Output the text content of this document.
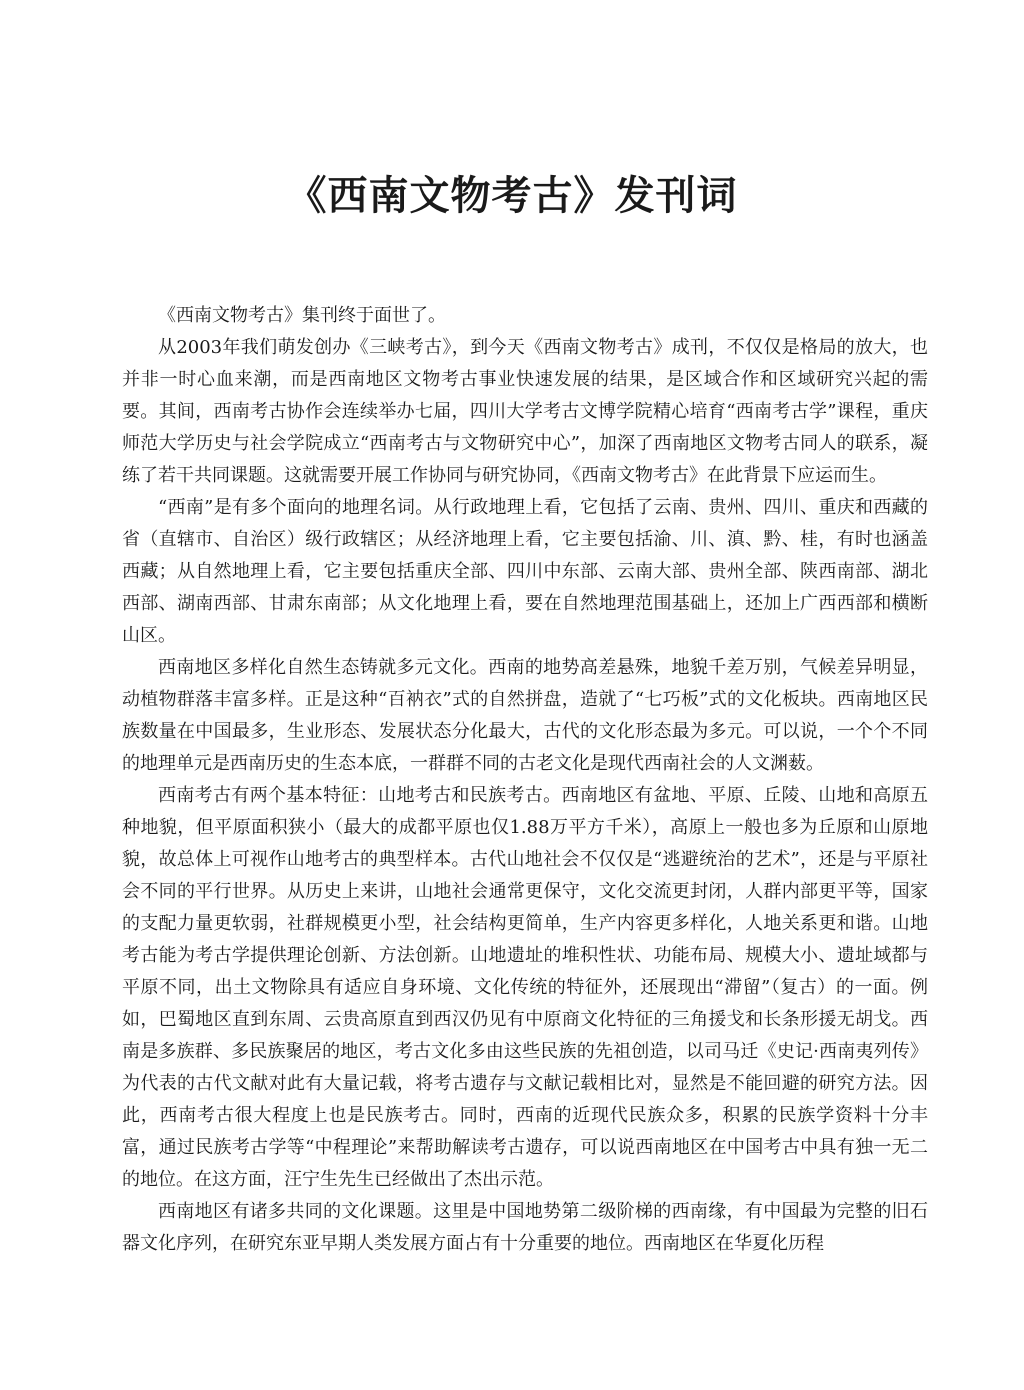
《西南文物考古》发刊词

《西南文物考古》集刊终于面世了。

从2003年我们萌发创办《三峡考古》，到今天《西南文物考古》成刊，不仅仅是格局的放大，也并非一时心血来潮，而是西南地区文物考古事业快速发展的结果，是区域合作和区域研究兴起的需要。其间，西南考古协作会连续举办七届，四川大学考古文博学院精心培育“西南考古学”课程，重庆师范大学历史与社会学院成立“西南考古与文物研究中心”，加深了西南地区文物考古同人的联系，凝练了若干共同课题。这就需要开展工作协同与研究协同，《西南文物考古》在此背景下应运而生。

“西南”是有多个面向的地理名词。从行政地理上看，它包括了云南、贵州、四川、重庆和西藏的省（直辖市、自治区）级行政辖区；从经济地理上看，它主要包括渝、川、滇、黔、桂，有时也涵盖西藏；从自然地理上看，它主要包括重庆全部、四川中东部、云南大部、贵州全部、陕西南部、湖北西部、湖南西部、甘肃东南部；从文化地理上看，要在自然地理范围基础上，还加上广西西部和横断山区。

西南地区多样化自然生态铸就多元文化。西南的地势高差悬殊，地貌千差万别，气候差异明显，动植物群落丰富多样。正是这种“百衲衣”式的自然拼盘，造就了“七巧板”式的文化板块。西南地区民族数量在中国最多，生业形态、发展状态分化最大，古代的文化形态最为多元。可以说，一个个不同的地理单元是西南历史的生态本底，一群群不同的古老文化是现代西南社会的人文渊薮。

西南考古有两个基本特征：山地考古和民族考古。西南地区有盆地、平原、丘陵、山地和高原五种地貌，但平原面积狭小（最大的成都平原也仅1.88万平方千米），高原上一般也多为丘原和山原地貌，故总体上可视作山地考古的典型样本。古代山地社会不仅仅是“逃避统治的艺术”，还是与平原社会不同的平行世界。从历史上来讲，山地社会通常更保守，文化交流更封闭，人群内部更平等，国家的支配力量更软弱，社群规模更小型，社会结构更简单，生产内容更多样化，人地关系更和谐。山地考古能为考古学提供理论创新、方法创新。山地遗址的堆积性状、功能布局、规模大小、遗址域都与平原不同，出土文物除具有适应自身环境、文化传统的特征外，还展现出“滞留”（复古）的一面。例如，巴蜀地区直到东周、云贵高原直到西汉仍见有中原商文化特征的三角援戈和长条形援无胡戈。西南是多族群、多民族聚居的地区，考古文化多由这些民族的先祖创造，以司马迁《史记·西南夷列传》为代表的古代文献对此有大量记载，将考古遗存与文献记载相比对，显然是不能回避的研究方法。因此，西南考古很大程度上也是民族考古。同时，西南的近现代民族众多，积累的民族学资料十分丰富，通过民族考古学等“中程理论”来帮助解读考古遗存，可以说西南地区在中国考古中具有独一无二的地位。在这方面，汪宁生先生已经做出了杰出示范。

西南地区有诸多共同的文化课题。这里是中国地势第二级阶梯的西南缘，有中国最为完整的旧石器文化序列，在研究东亚早期人类发展方面占有十分重要的地位。西南地区在华夏化历程
